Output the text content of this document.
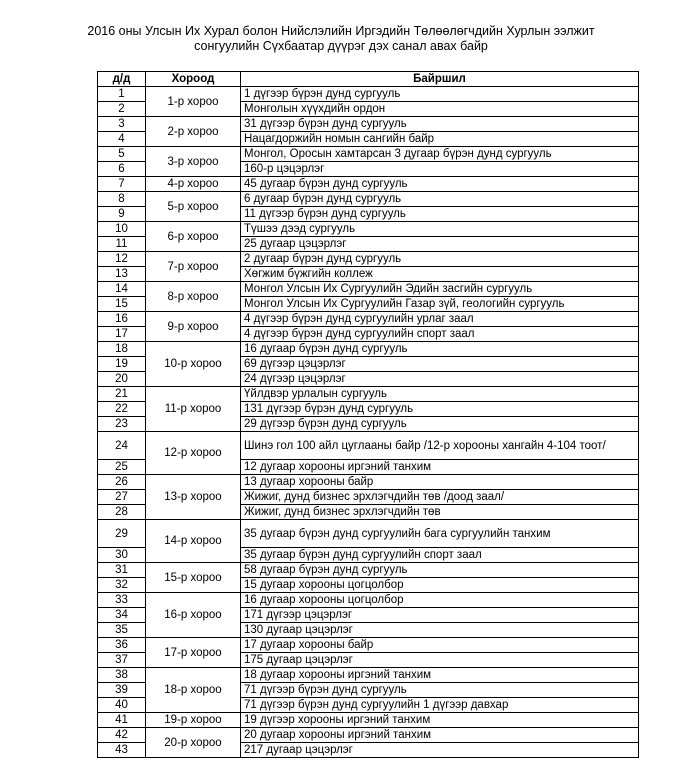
2016 оны Улсын Их Хурал болон Нийслэлийн Иргэдийн Төлөөлөгчдийн Хурлын ээлжит
сонгуулийн Сүхбаатар дүүрэг дэх санал авах байр
д/д	Хороод	Байршил
1	1-р хороо	1 дүгээр бүрэн дунд сургууль
2		Монголын хүүхдийн ордон
3	2-р хороо	31 дүгээр бүрэн дунд сургууль
4		Нацагдоржийн номын сангийн байр
5	3-р хороо	Монгол, Оросын хамтарсан 3 дугаар бүрэн дунд сургууль
6		160-р цэцэрлэг
7	4-р хороо	45 дугаар бүрэн дунд сургууль
8	5-р хороо	6 дугаар бүрэн дунд сургууль
9		11 дүгээр бүрэн дунд сургууль
10	6-р хороо	Түшээ дээд сургууль
11		25 дугаар цэцэрлэг
12	7-р хороо	2 дугаар бүрэн дунд сургууль
13		Хөгжим бүжгийн коллеж
14	8-р хороо	Монгол Улсын Их Сургуулийн Эдийн засгийн сургууль
15		Монгол Улсын Их Сургуулийн Газар зүй, геологийн сургууль
16	9-р хороо	4 дүгээр бүрэн дунд сургуулийн урлаг заал
17		4 дүгээр бүрэн дунд сургуулийн спорт заал
18	10-р хороо	16 дугаар бүрэн дунд сургууль
19		69 дүгээр цэцэрлэг
20		24 дүгээр цэцэрлэг
21	11-р хороо	Үйлдвэр урлалын сургууль
22		131 дүгээр бүрэн дунд сургууль
23		29 дүгээр бүрэн дунд сургууль
24	12-р хороо	Шинэ гол 100 айл цуглааны байр /12-р хорооны хангайн 4-104 тоот/
25		12 дугаар хорооны иргэний танхим
26	13-р хороо	13 дугаар хорооны байр
27		Жижиг, дунд бизнес эрхлэгчдийн төв /доод заал/
28		Жижиг, дунд бизнес эрхлэгчдийн төв
29	14-р хороо	35 дугаар бүрэн дунд сургуулийн бага сургуулийн танхим
30		35 дугаар бүрэн дунд сургуулийн спорт заал
31	15-р хороо	58 дугаар бүрэн дунд сургууль
32		15 дугаар хорооны цогцолбор
33	16-р хороо	16 дугаар хорооны цогцолбор
34		171 дүгээр цэцэрлэг
35		130 дугаар цэцэрлэг
36	17-р хороо	17 дугаар хорооны байр
37		175 дугаар цэцэрлэг
38	18-р хороо	18 дугаар хорооны иргэний танхим
39		71 дүгээр бүрэн дунд сургууль
40		71 дүгээр бүрэн дунд сургуулийн 1 дүгээр давхар
41	19-р хороо	19 дүгээр хорооны иргэний танхим
42	20-р хороо	20 дугаар хорооны иргэний танхим
43		217 дугаар цэцэрлэг
